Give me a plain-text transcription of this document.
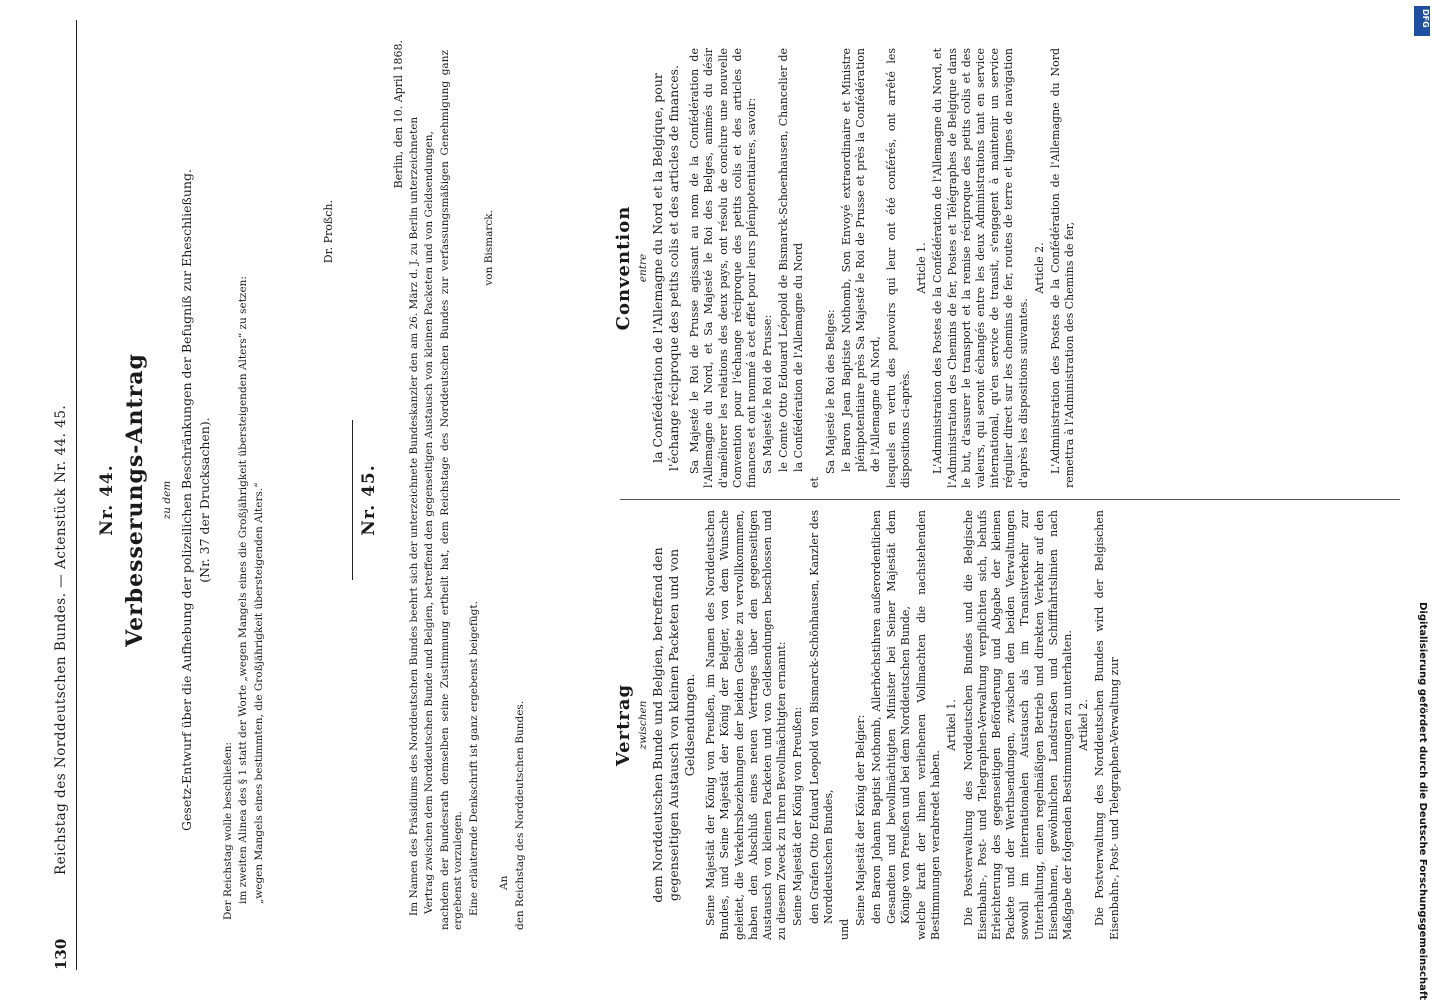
130
Reichstag des Norddeutschen Bundes. — Actenstück Nr. 44. 45. Nr. 44. Verbesserungs-Antrag zu dem Gesetz-Entwurf über die Aufhebung der polizeilichen Beschränkungen der Befugniß zur Eheschließung. (Nr. 37 der Drucksachen).

Der Reichstag wolle beschließen: im zweiten Alinea des § 1 statt der Worte „wegen Mangels eines die Großjährigkeit übersteigenden Alters“ zu setzen: „wegen Mangels eines bestimmten, die Großjährigkeit übersteigenden Alters.“

Dr. Proßch.
Nr. 45.
Berlin, den 10. April 1868.

Im Namen des Präsidiums des Norddeutschen Bundes beehrt sich der unterzeichnete Bundeskanzler den am 26. März d. J. zu Berlin unterzeichneten Vertrag zwischen dem Norddeutschen Bunde und Belgien, betreffend den gegenseitigen Austausch von kleinen Packeten und von Geldsendungen, nachdem der Bundesrath demselben seine Zustimmung ertheilt hat, dem Reichstage des Norddeutschen Bundes zur verfassungsmäßigen Genehmigung ganz ergebenst vorzulegen. Eine erläuternde Denkschrift ist ganz ergebenst beigefügt.

von Bismarck.

An den Reichstag des Norddeutschen Bundes.	Vertrag zwischen dem Norddeutschen Bunde und Belgien, betreffend den gegenseitigen Austausch von kleinen Packeten und von Geldsendungen. Seine Majestät der König von Preußen, im Namen des Norddeutschen Bundes, und Seine Majestät der König der Belgier, von dem Wunsche geleitet, die Verkehrsbeziehungen der beiden Gebiete zu vervollkommnen, haben den Abschluß eines neuen Vertrages über den gegenseitigen Austausch von kleinen Packeten und von Geldsendungen beschlossen und zu diesem Zweck zu Ihren Bevollmächtigten ernannt: Seine Majestät der König von Preußen: den Grafen Otto Eduard Leopold von Bismarck-Schönhausen, Kanzler des Norddeutschen Bundes,

und

Seine Majestät der König der Belgier: den Baron Johann Baptist Nothomb, Allerhöchstihren außerordentlichen Gesandten und bevollmächtigten Minister bei Seiner Majestät dem Könige von Preußen und bei dem Norddeutschen Bunde, welche kraft der ihnen verliehenen Vollmachten die nachstehenden Bestimmungen verabredet haben.

Artikel 1. Die Postverwaltung des Norddeutschen Bundes und die Belgische Eisenbahn-, Post- und Telegraphen-Verwaltung verpflichten sich, behufs Erleichterung des gegenseitigen Beförderung und Abgabe der kleinen Packete und der Werthsendungen, zwischen den beiden Verwaltungen sowohl im internationalen Austausch als im Transitverkehr zur Unterhaltung, einen regelmäßigen Betrieb und direkten Verkehr auf den Eisenbahnen, gewöhnlichen Landstraßen und Schifffahrtslinien nach Maßgabe der folgenden Bestimmungen zu unterhalten. Artikel 2. Die Postverwaltung des Norddeutschen Bundes wird der Belgischen Eisenbahn-, Post- und Telegraphen-Verwaltung zur

Convention entre la Confédération de l'Allemagne du Nord et la Belgique, pour l'échange réciproque des petits colis et des articles de finances. Sa Majesté le Roi de Prusse agissant au nom de la Confédération de l'Allemagne du Nord, et Sa Majesté le Roi des Belges, animés du désir d'améliorer les relations des deux pays, ont résolu de conclure une nouvelle Convention pour l'échange réciproque des petits colis et des articles de finances et ont nommé à cet effet pour leurs plénipotentiaires, savoir: Sa Majesté le Roi de Prusse: le Comte Otto Edouard Léopold de Bismarck-Schoenhausen, Chancelier de la Confédération de l'Allemagne du Nord

et

Sa Majesté le Roi des Belges: le Baron Jean Baptiste Nothomb, Son Envoyé extraordinaire et Ministre plénipotentiaire près Sa Majesté le Roi de Prusse et près la Confédération de l'Allemagne du Nord, lesquels en vertu des pouvoirs qui leur ont été conférés, ont arrêté les dispositions ci-après.

Article 1. L'Administration des Postes de la Confédération de l'Allemagne du Nord, et l'Administration des Chemins de fer, Postes et Télégraphes de Belgique dans le but, d'assurer le transport et la remise réciproque des petits colis et des valeurs, qui seront échangés entre les deux Administrations tant en service international, qu'en service de transit, s'engagent à maintenir un service régulier direct sur les chemins de fer, routes de terre et lignes de navigation d'après les dispositions suivantes.

Article 2. L'Administration des Postes de la Confédération de l'Allemagne du Nord remettra à l'Administration des Chemins de fer,

Digitalisierung gefördert durch die Deutsche Forschungsgemeinschaft
DFG
